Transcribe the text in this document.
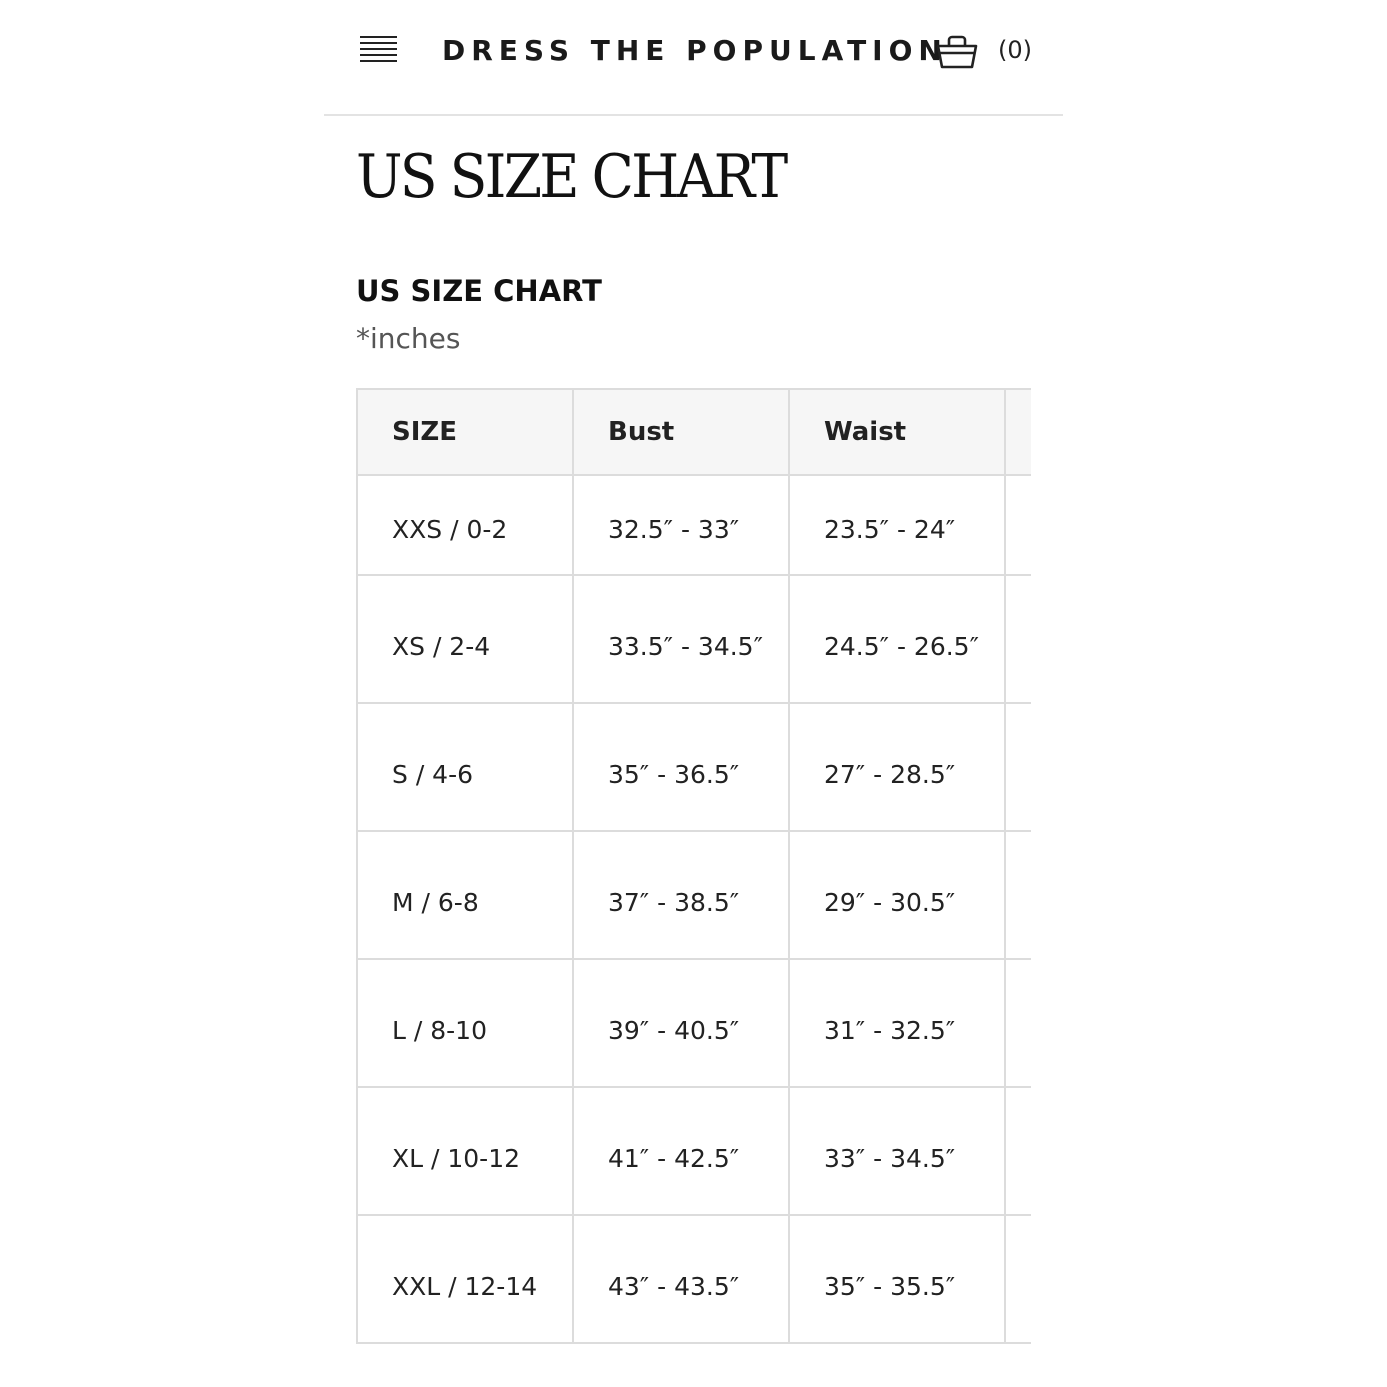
DRESS THE POPULATION (0)
US SIZE CHART
US SIZE CHART
*inches
SIZE	Bust	Waist	
XXS / 0-2	32.5″ - 33″	23.5″ - 24″	
XS / 2-4	33.5″ - 34.5″	24.5″ - 26.5″	
S / 4-6	35″ - 36.5″	27″ - 28.5″	
M / 6-8	37″ - 38.5″	29″ - 30.5″	
L / 8-10	39″ - 40.5″	31″ - 32.5″	
XL / 10-12	41″ - 42.5″	33″ - 34.5″	
XXL / 12-14	43″ - 43.5″	35″ - 35.5″	
